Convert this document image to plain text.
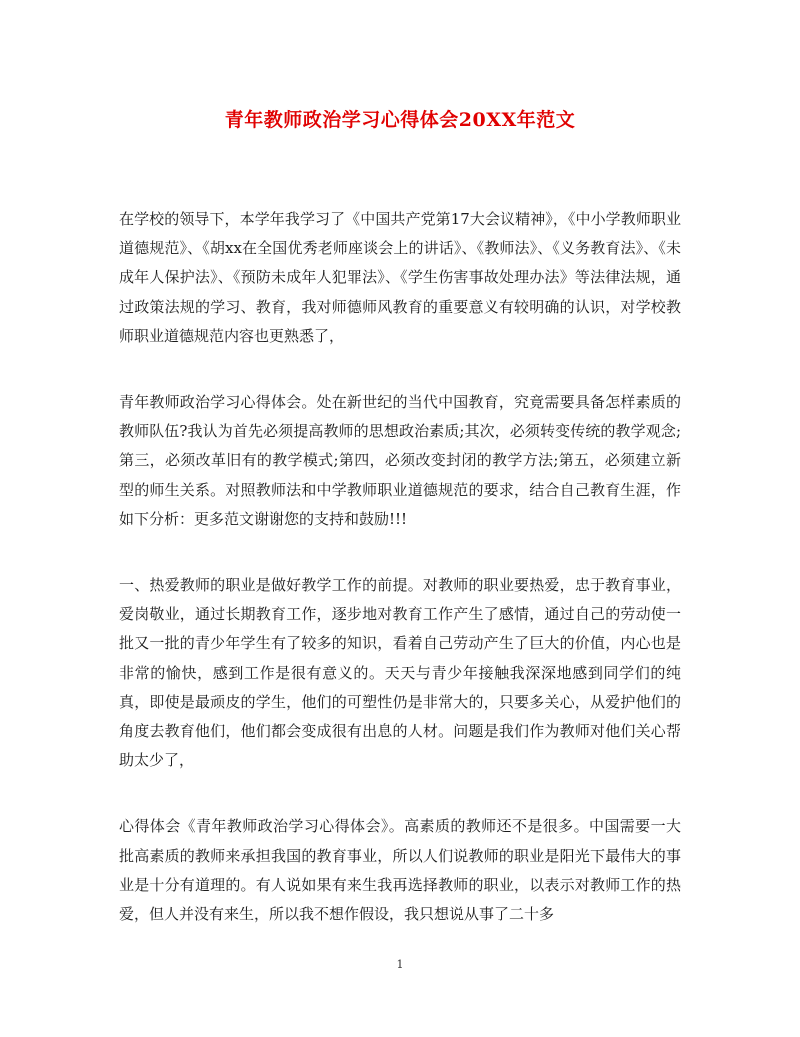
青年教师政治学习心得体会20XX年范文

在学校的领导下，本学年我学习了《中国共产党第17大会议精神》，《中小学教师职业道德规范》、《胡xx在全国优秀老师座谈会上的讲话》、《教师法》、《义务教育法》、《未成年人保护法》、《预防未成年人犯罪法》、《学生伤害事故处理办法》等法律法规，通过政策法规的学习、教育，我对师德师风教育的重要意义有较明确的认识，对学校教师职业道德规范内容也更熟悉了，

青年教师政治学习心得体会。处在新世纪的当代中国教育，究竟需要具备怎样素质的教师队伍?我认为首先必须提高教师的思想政治素质;其次，必须转变传统的教学观念;第三，必须改革旧有的教学模式;第四，必须改变封闭的教学方法;第五，必须建立新型的师生关系。对照教师法和中学教师职业道德规范的要求，结合自己教育生涯，作如下分析：更多范文谢谢您的支持和鼓励!!!

一、热爱教师的职业是做好教学工作的前提。对教师的职业要热爱，忠于教育事业，爱岗敬业，通过长期教育工作，逐步地对教育工作产生了感情，通过自己的劳动使一批又一批的青少年学生有了较多的知识，看着自己劳动产生了巨大的价值，内心也是非常的愉快，感到工作是很有意义的。天天与青少年接触我深深地感到同学们的纯真，即使是最顽皮的学生，他们的可塑性仍是非常大的，只要多关心，从爱护他们的角度去教育他们，他们都会变成很有出息的人材。问题是我们作为教师对他们关心帮助太少了，

心得体会《青年教师政治学习心得体会》。高素质的教师还不是很多。中国需要一大批高素质的教师来承担我国的教育事业，所以人们说教师的职业是阳光下最伟大的事业是十分有道理的。有人说如果有来生我再选择教师的职业，以表示对教师工作的热爱，但人并没有来生，所以我不想作假设，我只想说从事了二十多

1
